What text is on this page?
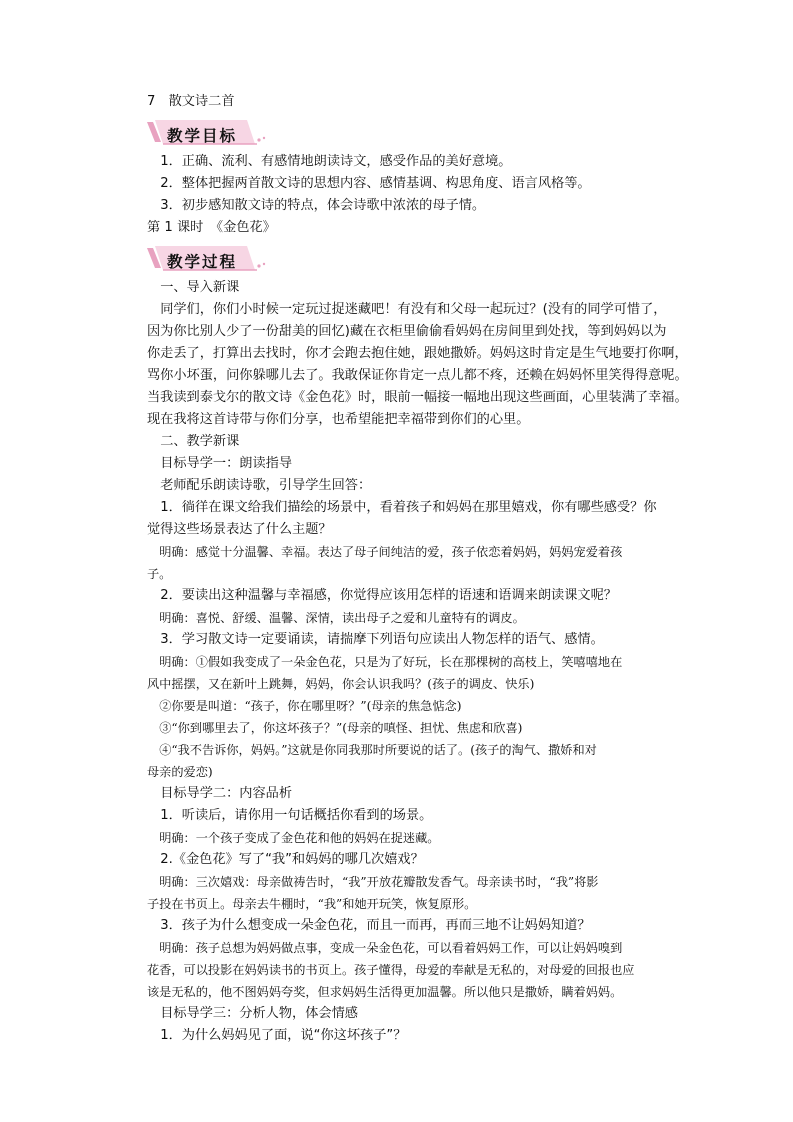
7　散文诗二首
教学目标
1．正确、流利、有感情地朗读诗文，感受作品的美好意境。
2．整体把握两首散文诗的思想内容、感情基调、构思角度、语言风格等。
3．初步感知散文诗的特点，体会诗歌中浓浓的母子情。
第 1 课时　《金色花》
教学过程
一、导入新课
同学们，你们小时候一定玩过捉迷藏吧！有没有和父母一起玩过？(没有的同学可惜了，
因为你比别人少了一份甜美的回忆)藏在衣柜里偷偷看妈妈在房间里到处找，等到妈妈以为
你走丢了，打算出去找时，你才会跑去抱住她，跟她撒娇。妈妈这时肯定是生气地要打你啊，
骂你小坏蛋，问你躲哪儿去了。我敢保证你肯定一点儿都不疼，还赖在妈妈怀里笑得得意呢。
当我读到泰戈尔的散文诗《金色花》时，眼前一幅接一幅地出现这些画面，心里装满了幸福。
现在我将这首诗带与你们分享，也希望能把幸福带到你们的心里。
二、教学新课
目标导学一：朗读指导
老师配乐朗读诗歌，引导学生回答：
1．徜徉在课文给我们描绘的场景中，看着孩子和妈妈在那里嬉戏，你有哪些感受？你
觉得这些场景表达了什么主题？
明确：感觉十分温馨、幸福。表达了母子间纯洁的爱，孩子依恋着妈妈，妈妈宠爱着孩
子。
2．要读出这种温馨与幸福感，你觉得应该用怎样的语速和语调来朗读课文呢？
明确：喜悦、舒缓、温馨、深情，读出母子之爱和儿童特有的调皮。
3．学习散文诗一定要诵读，请揣摩下列语句应读出人物怎样的语气、感情。
明确：①假如我变成了一朵金色花，只是为了好玩，长在那棵树的高枝上，笑嘻嘻地在
风中摇摆，又在新叶上跳舞，妈妈，你会认识我吗？(孩子的调皮、快乐)
②你要是叫道：“孩子，你在哪里呀？”(母亲的焦急惦念)
③“你到哪里去了，你这坏孩子？”(母亲的嗔怪、担忧、焦虑和欣喜)
④“我不告诉你，妈妈。”这就是你同我那时所要说的话了。(孩子的淘气、撒娇和对
母亲的爱恋)
目标导学二：内容品析
1．听读后，请你用一句话概括你看到的场景。
明确：一个孩子变成了金色花和他的妈妈在捉迷藏。
2.《金色花》写了“我”和妈妈的哪几次嬉戏？
明确：三次嬉戏：母亲做祷告时，“我”开放花瓣散发香气。母亲读书时，“我”将影
子投在书页上。母亲去牛棚时，“我”和她开玩笑，恢复原形。
3．孩子为什么想变成一朵金色花，而且一而再，再而三地不让妈妈知道？
明确：孩子总想为妈妈做点事，变成一朵金色花，可以看着妈妈工作，可以让妈妈嗅到
花香，可以投影在妈妈读书的书页上。孩子懂得，母爱的奉献是无私的，对母爱的回报也应
该是无私的，他不图妈妈夸奖，但求妈妈生活得更加温馨。所以他只是撒娇，瞒着妈妈。
目标导学三：分析人物，体会情感
1．为什么妈妈见了面，说“你这坏孩子”？
